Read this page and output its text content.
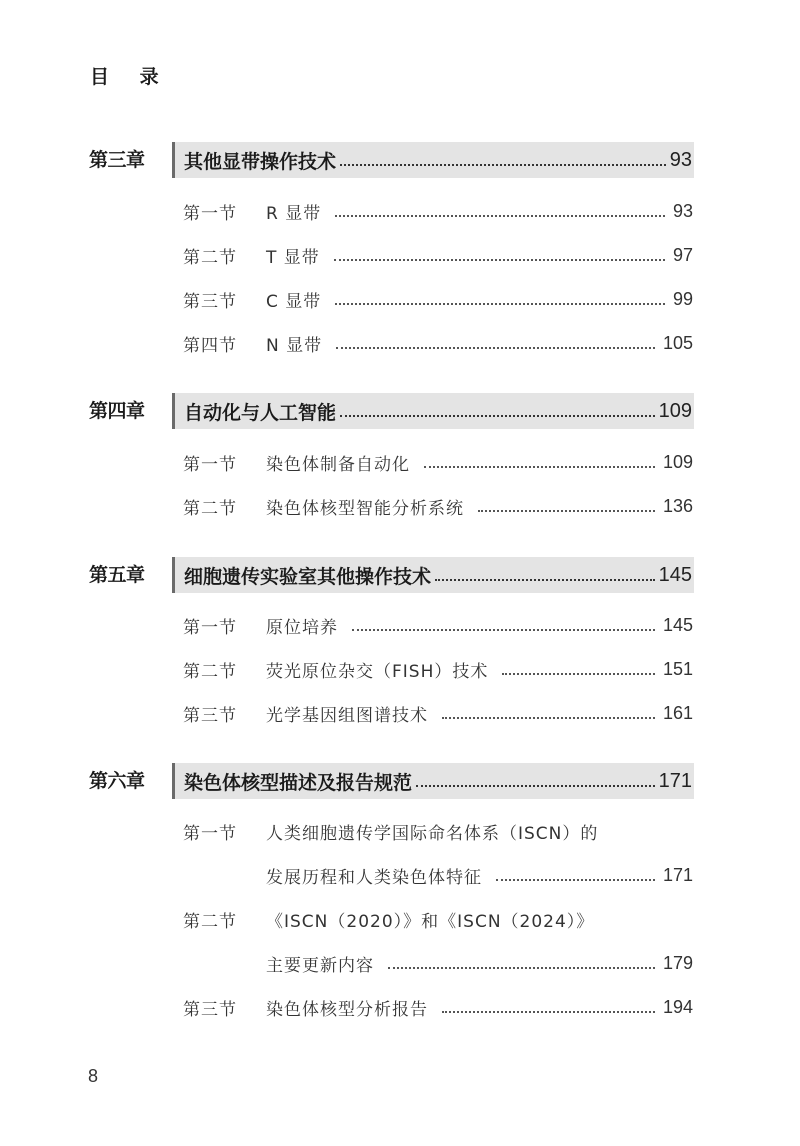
目 录
第三章	其他显带操作技术	93
第一节	R 显带	93
第二节	T 显带	97
第三节	C 显带	99
第四节	N 显带	105
第四章	自动化与人工智能	109
第一节	染色体制备自动化	109
第二节	染色体核型智能分析系统	136
第五章	细胞遗传实验室其他操作技术	145
第一节	原位培养	145
第二节	荧光原位杂交（FISH）技术	151
第三节	光学基因组图谱技术	161
第六章	染色体核型描述及报告规范	171
第一节	人类细胞遗传学国际命名体系（ISCN）的
发展历程和人类染色体特征	171
第二节	《ISCN（2020）》和《ISCN（2024）》
主要更新内容	179
第三节	染色体核型分析报告	194
8
